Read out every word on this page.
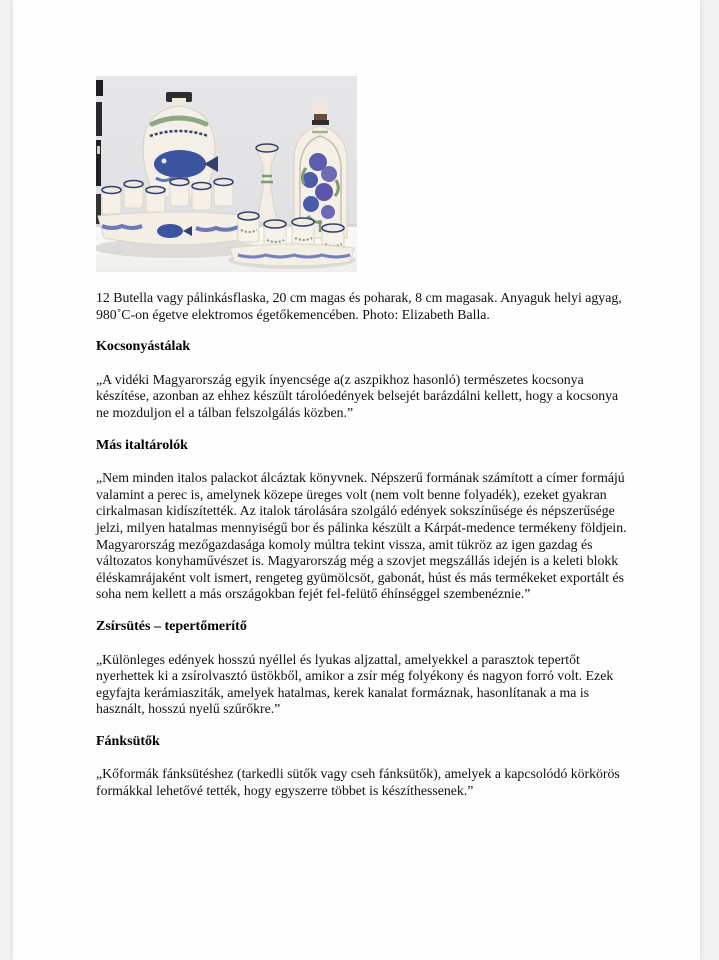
12 Butella vagy pálinkásflaska, 20 cm magas és poharak, 8 cm magasak. Anyaguk helyi agyag, 980˚C-on égetve elektromos égetőkemencében. Photo: Elizabeth Balla.

Kocsonyástálak

„A vidéki Magyarország egyik ínyencsége a(z aszpikhoz hasonló) természetes kocsonya készítése, azonban az ehhez készült tárolóedények belsejét barázdálni kellett, hogy a kocsonya ne mozduljon el a tálban felszolgálás közben.”

Más italtárolók

„Nem minden italos palackot álcáztak könyvnek. Népszerű formának számított a címer formájú valamint a perec is, amelynek közepe üreges volt (nem volt benne folyadék), ezeket gyakran cirkalmasan kidíszítették. Az italok tárolására szolgáló edények sokszínűsége és népszerűsége jelzi, milyen hatalmas mennyiségű bor és pálinka készült a Kárpát-medence termékeny földjein. Magyarország mezőgazdasága komoly múltra tekint vissza, amit tükröz az igen gazdag és változatos konyhaművészet is. Magyarország még a szovjet megszállás idején is a keleti blokk éléskamrájaként volt ismert, rengeteg gyümölcsöt, gabonát, húst és más termékeket exportált és soha nem kellett a más országokban fejét fel-felütő éhínséggel szembenéznie.”

Zsírsütés – tepertőmerítő

„Különleges edények hosszú nyéllel és lyukas aljzattal, amelyekkel a parasztok tepertőt nyerhettek ki a zsírolvasztó üstökből, amikor a zsír még folyékony és nagyon forró volt. Ezek egyfajta kerámiasziták, amelyek hatalmas, kerek kanalat formáznak, hasonlítanak a ma is használt, hosszú nyelű szűrőkre.”

Fánksütők

„Kőformák fánksütéshez (tarkedli sütők vagy cseh fánksütők), amelyek a kapcsolódó körkörös formákkal lehetővé tették, hogy egyszerre többet is készíthessenek.”
